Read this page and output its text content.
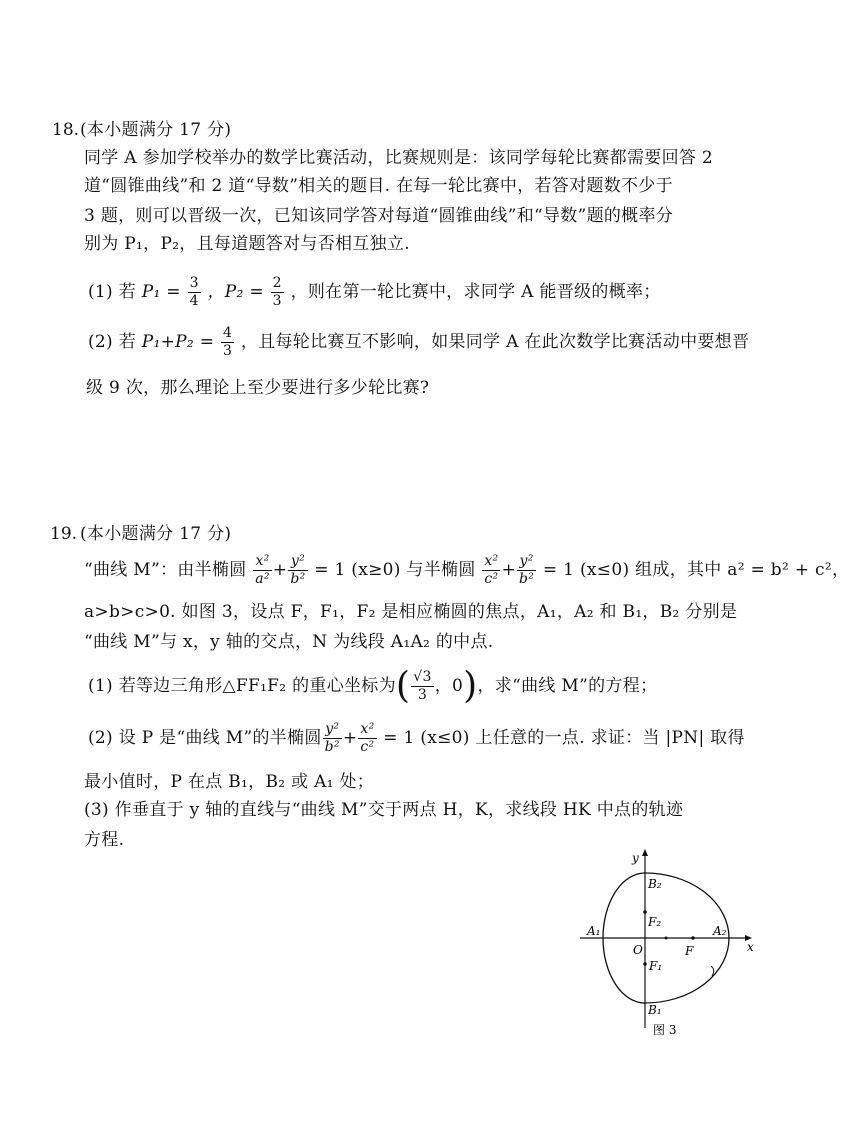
18. (本小题满分 17 分)
同学 A 参加学校举办的数学比赛活动，比赛规则是：该同学每轮比赛都需要回答 2
道“圆锥曲线”和 2 道“导数”相关的题目. 在每一轮比赛中，若答对题数不少于
3 题，则可以晋级一次，已知该同学答对每道“圆锥曲线”和“导数”题的概率分
别为 P₁，P₂，且每道题答对与否相互独立.
(1) 若 $P_1 = \frac{3}{4}$ ，$P_2 = \frac{2}{3}$ ，则在第一轮比赛中，求同学 A 能晋级的概率；
(2) 若 $P_1+P_2 = \frac{4}{3}$ ，且每轮比赛互不影响，如果同学 A 在此次数学比赛活动中要想晋
级 9 次，那么理论上至少要进行多少轮比赛?
19. (本小题满分 17 分)
“曲线 M”：由半椭圆 $\frac{\text{x²}}{\text{a²}} + \frac{\text{y²}}{\text{b²}} = 1$ (x≥0) 与半椭圆 $\frac{\text{x²}}{\text{c²}} + \frac{\text{y²}}{\text{b²}} = 1$ (x≤0) 组成，其中 a² = b² + c²，
a>b>c>0. 如图 3，设点 F，F₁，F₂ 是相应椭圆的焦点，A₁，A₂ 和 B₁，B₂ 分别是
“曲线 M”与 x，y 轴的交点，N 为线段 A₁A₂ 的中点.
(1) 若等边三角形△FF₁F₂ 的重心坐标为( $\frac{√3}{3}$ ，0)，求“曲线 M”的方程；
(2) 设 P 是“曲线 M”的半椭圆 $\frac{\text{y²}}{\text{b²}} + \frac{\text{x²}}{\text{c²}} = 1$ (x≤0) 上任意的一点. 求证：当 |PN| 取得
最小值时，P 在点 B₁，B₂ 或 A₁ 处；
(3) 作垂直于 y 轴的直线与“曲线 M”交于两点 H，K，求线段 HK 中点的轨迹
方程.
y
x
O
A₁	A₂
B₂
B₁
F₂
F₁
F
图 3
